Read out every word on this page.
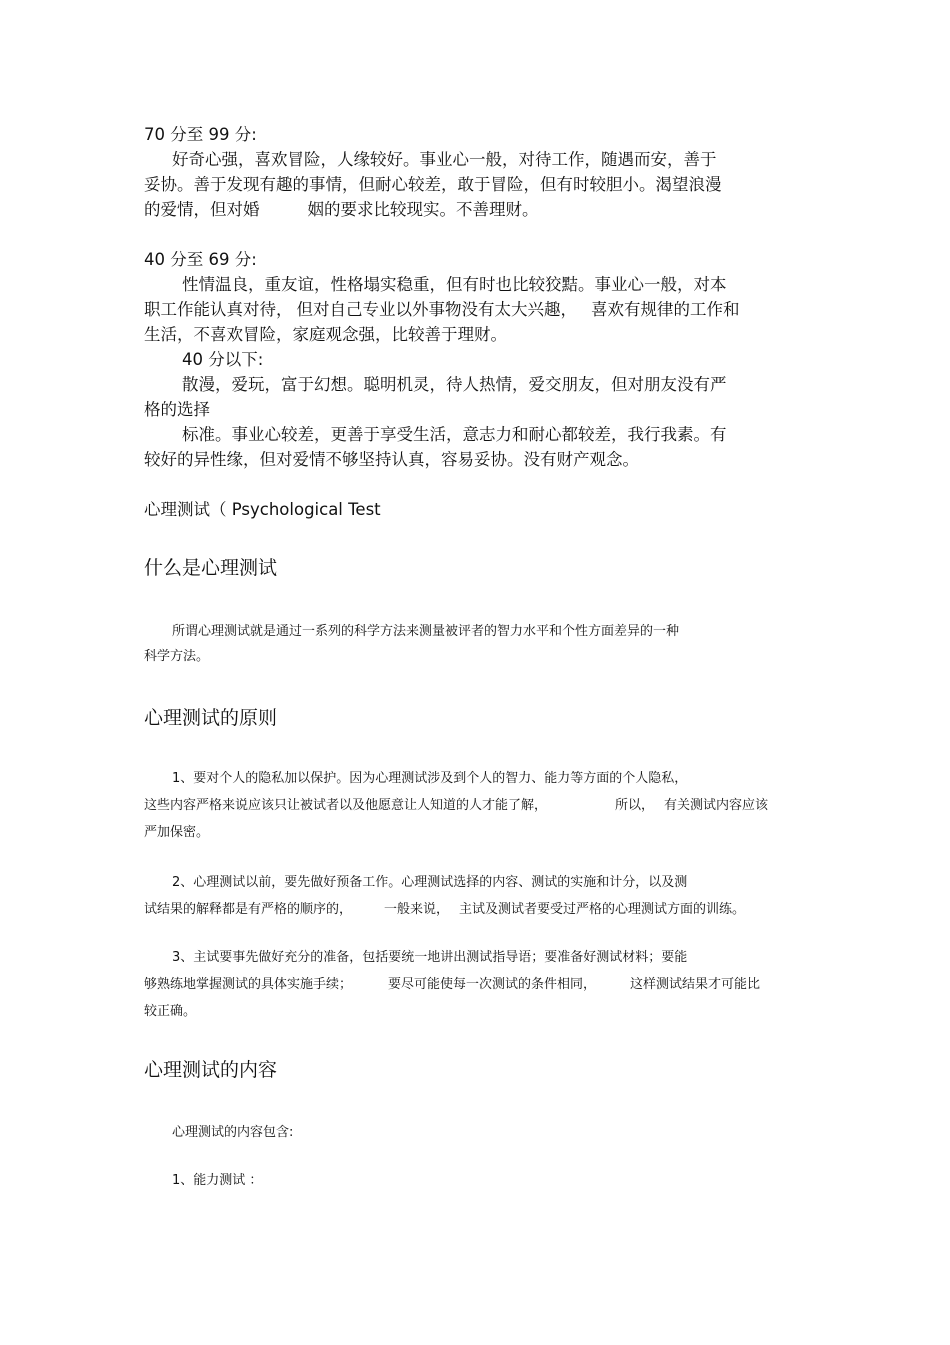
70 分至 99 分:

好奇心强，喜欢冒险，人缘较好。事业心一般，对待工作，随遇而安，善于

妥协。善于发现有趣的事情，但耐心较差，敢于冒险，但有时较胆小。渴望浪漫

的爱情，但对婚	姻的要求比较现实。不善理财。

40 分至 69 分:

性情温良，重友谊，性格塌实稳重，但有时也比较狡黠。事业心一般，对本

职工作能认真对待， 但对自己专业以外事物没有太大兴趣， 喜欢有规律的工作和

生活，不喜欢冒险，家庭观念强，比较善于理财。

40 分以下:

散漫，爱玩，富于幻想。聪明机灵，待人热情，爱交朋友，但对朋友没有严

格的选择

标准。事业心较差，更善于享受生活，意志力和耐心都较差，我行我素。有

较好的异性缘，但对爱情不够坚持认真，容易妥协。没有财产观念。

心理测试（ Psychological Test

什么是心理测试

所谓心理测试就是通过一系列的科学方法来测量被评者的智力水平和个性方面差异的一种

科学方法。

心理测试的原则

1、要对个人的隐私加以保护。因为心理测试涉及到个人的智力、能力等方面的个人隐私，

这些内容严格来说应该只让被试者以及他愿意让人知道的人才能了解，	所以， 有关测试内容应该

严加保密。

2、心理测试以前，要先做好预备工作。心理测试选择的内容、测试的实施和计分，以及测

试结果的解释都是有严格的顺序的， 一般来说， 主试及测试者要受过严格的心理测试方面的训练。

3、主试要事先做好充分的准备，包括要统一地讲出测试指导语；要准备好测试材料；要能

够熟练地掌握测试的具体实施手续；	要尽可能使每一次测试的条件相同，	这样测试结果才可能比

较正确。

心理测试的内容

心理测试的内容包含:

1、能力测试 ：
